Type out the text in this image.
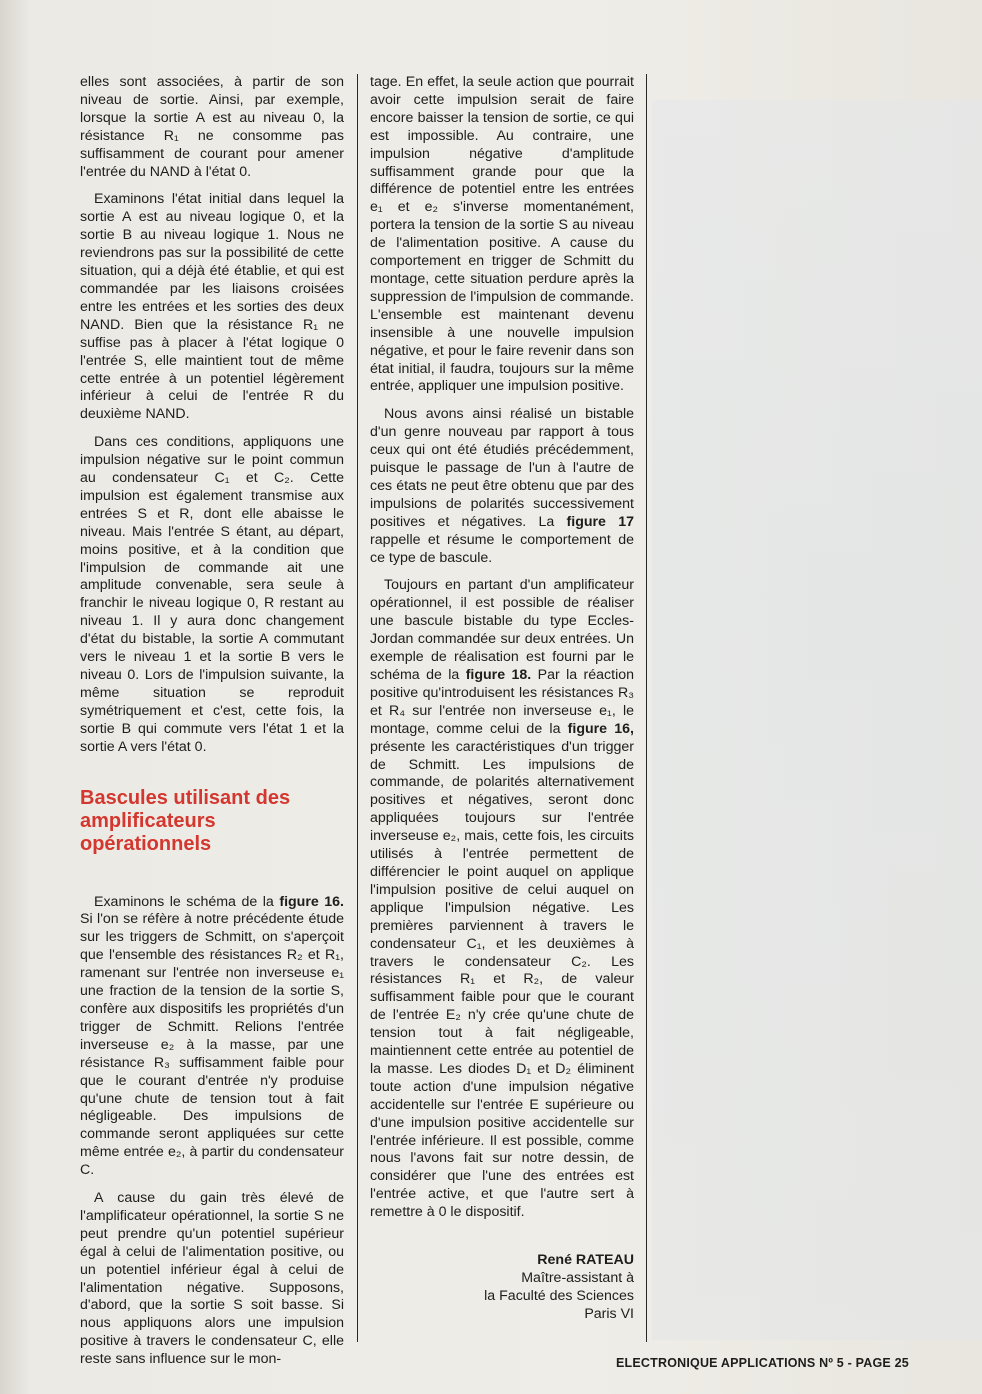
elles sont associées, à partir de son niveau de sortie. Ainsi, par exemple, lorsque la sortie A est au niveau 0, la résistance R₁ ne consomme pas suffisamment de courant pour amener l'entrée du NAND à l'état 0.

Examinons l'état initial dans lequel la sortie A est au niveau logique 0, et la sortie B au niveau logique 1. Nous ne reviendrons pas sur la possibilité de cette situation, qui a déjà été établie, et qui est commandée par les liaisons croisées entre les entrées et les sorties des deux NAND. Bien que la résistance R₁ ne suffise pas à placer à l'état logique 0 l'entrée S, elle maintient tout de même cette entrée à un potentiel légèrement inférieur à celui de l'entrée R du deuxième NAND.

Dans ces conditions, appliquons une impulsion négative sur le point commun au condensateur C₁ et C₂. Cette impulsion est également transmise aux entrées S et R, dont elle abaisse le niveau. Mais l'entrée S étant, au départ, moins positive, et à la condition que l'impulsion de commande ait une amplitude convenable, sera seule à franchir le niveau logique 0, R restant au niveau 1. Il y aura donc changement d'état du bistable, la sortie A commutant vers le niveau 1 et la sortie B vers le niveau 0. Lors de l'impulsion suivante, la même situation se reproduit symétriquement et c'est, cette fois, la sortie B qui commute vers l'état 1 et la sortie A vers l'état 0.

Bascules utilisant des amplificateurs opérationnels

Examinons le schéma de la figure 16. Si l'on se réfère à notre précédente étude sur les triggers de Schmitt, on s'aperçoit que l'ensemble des résistances R₂ et R₁, ramenant sur l'entrée non inverseuse e₁ une fraction de la tension de la sortie S, confère aux dispositifs les propriétés d'un trigger de Schmitt. Relions l'entrée inverseuse e₂ à la masse, par une résistance R₃ suffisamment faible pour que le courant d'entrée n'y produise qu'une chute de tension tout à fait négligeable. Des impulsions de commande seront appliquées sur cette même entrée e₂, à partir du condensateur C.

A cause du gain très élevé de l'amplificateur opérationnel, la sortie S ne peut prendre qu'un potentiel supérieur égal à celui de l'alimentation positive, ou un potentiel inférieur égal à celui de l'alimentation négative. Supposons, d'abord, que la sortie S soit basse. Si nous appliquons alors une impulsion positive à travers le condensateur C, elle reste sans influence sur le mon-

tage. En effet, la seule action que pourrait avoir cette impulsion serait de faire encore baisser la tension de sortie, ce qui est impossible. Au contraire, une impulsion négative d'amplitude suffisamment grande pour que la différence de potentiel entre les entrées e₁ et e₂ s'inverse momentanément, portera la tension de la sortie S au niveau de l'alimentation positive. A cause du comportement en trigger de Schmitt du montage, cette situation perdure après la suppression de l'impulsion de commande. L'ensemble est maintenant devenu insensible à une nouvelle impulsion négative, et pour le faire revenir dans son état initial, il faudra, toujours sur la même entrée, appliquer une impulsion positive.

Nous avons ainsi réalisé un bistable d'un genre nouveau par rapport à tous ceux qui ont été étudiés précédemment, puisque le passage de l'un à l'autre de ces états ne peut être obtenu que par des impulsions de polarités successivement positives et négatives. La figure 17 rappelle et résume le comportement de ce type de bascule.

Toujours en partant d'un amplificateur opérationnel, il est possible de réaliser une bascule bistable du type Eccles-Jordan commandée sur deux entrées. Un exemple de réalisation est fourni par le schéma de la figure 18. Par la réaction positive qu'introduisent les résistances R₃ et R₄ sur l'entrée non inverseuse e₁, le montage, comme celui de la figure 16, présente les caractéristiques d'un trigger de Schmitt. Les impulsions de commande, de polarités alternativement positives et négatives, seront donc appliquées toujours sur l'entrée inverseuse e₂, mais, cette fois, les circuits utilisés à l'entrée permettent de différencier le point auquel on applique l'impulsion positive de celui auquel on applique l'impulsion négative. Les premières parviennent à travers le condensateur C₁, et les deuxièmes à travers le condensateur C₂. Les résistances R₁ et R₂, de valeur suffisamment faible pour que le courant de l'entrée E₂ n'y crée qu'une chute de tension tout à fait négligeable, maintiennent cette entrée au potentiel de la masse. Les diodes D₁ et D₂ éliminent toute action d'une impulsion négative accidentelle sur l'entrée E supérieure ou d'une impulsion positive accidentelle sur l'entrée inférieure. Il est possible, comme nous l'avons fait sur notre dessin, de considérer que l'une des entrées est l'entrée active, et que l'autre sert à remettre à 0 le dispositif.

René RATEAU
Maître-assistant à
la Faculté des Sciences
Paris VI
ELECTRONIQUE APPLICATIONS Nº 5 - PAGE 25
